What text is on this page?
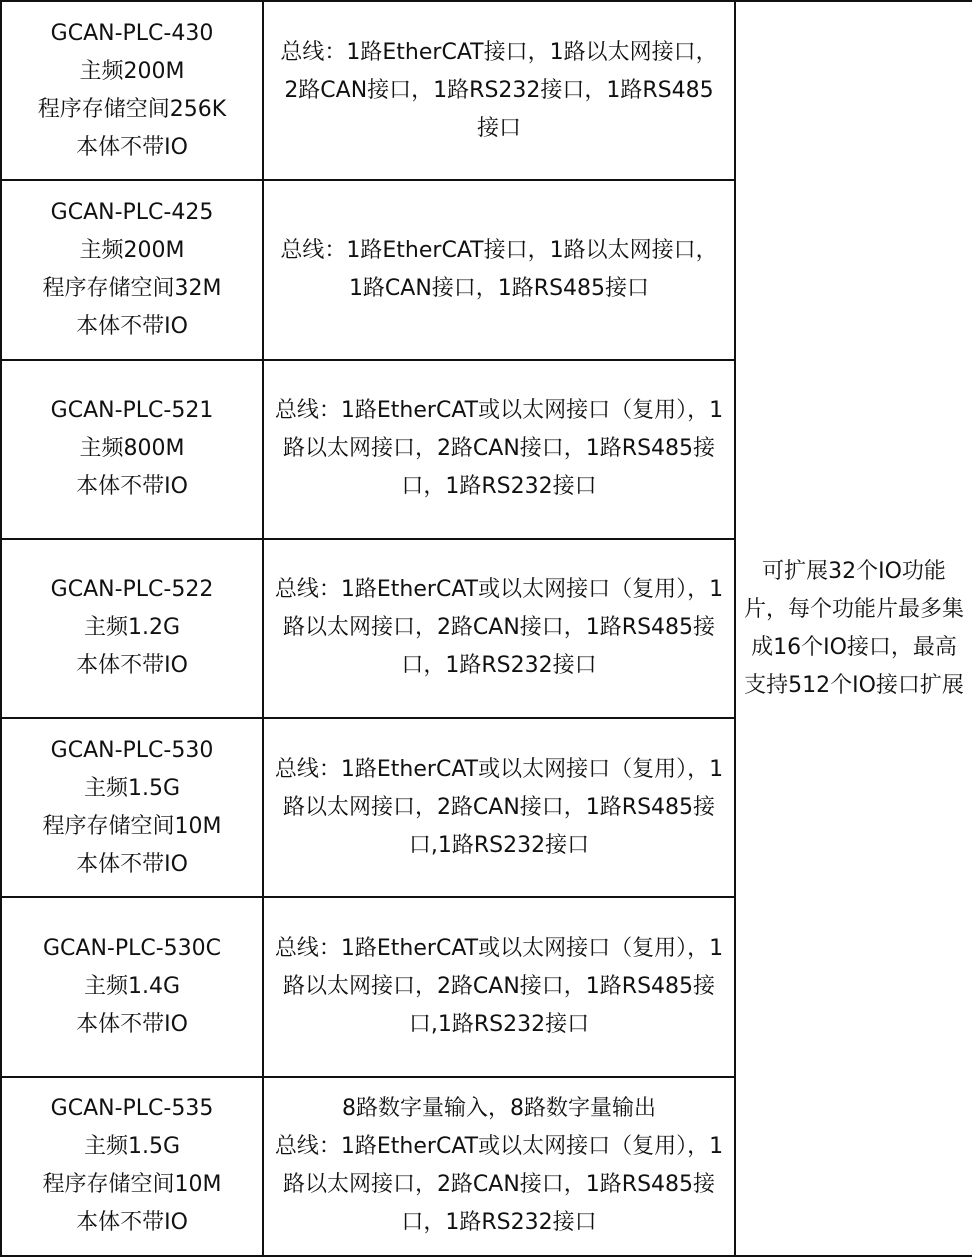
GCAN-PLC-430
主频200M
程序存储空间256K
本体不带IO	总线：1路EtherCAT接口，1路以太网接口，2路CAN接口，1路RS232接口，1路RS485接口	可扩展32个IO功能片，每个功能片最多集成16个IO接口，最高支持512个IO接口扩展

GCAN-PLC-425
主频200M
程序存储空间32M
本体不带IO	总线：1路EtherCAT接口，1路以太网接口，1路CAN接口，1路RS485接口	

GCAN-PLC-521
主频800M
本体不带IO	总线：1路EtherCAT或以太网接口（复用），1路以太网接口，2路CAN接口，1路RS485接口，1路RS232接口	

GCAN-PLC-522
主频1.2G
本体不带IO	总线：1路EtherCAT或以太网接口（复用），1路以太网接口，2路CAN接口，1路RS485接口，1路RS232接口	

GCAN-PLC-530
主频1.5G
程序存储空间10M
本体不带IO	总线：1路EtherCAT或以太网接口（复用），1路以太网接口，2路CAN接口，1路RS485接口,1路RS232接口	

GCAN-PLC-530C
主频1.4G
本体不带IO	总线：1路EtherCAT或以太网接口（复用），1路以太网接口，2路CAN接口，1路RS485接口,1路RS232接口	

GCAN-PLC-535
主频1.5G
程序存储空间10M
本体不带IO	8路数字量输入，8路数字量输出
总线：1路EtherCAT或以太网接口（复用），1路以太网接口，2路CAN接口，1路RS485接口，1路RS232接口	
